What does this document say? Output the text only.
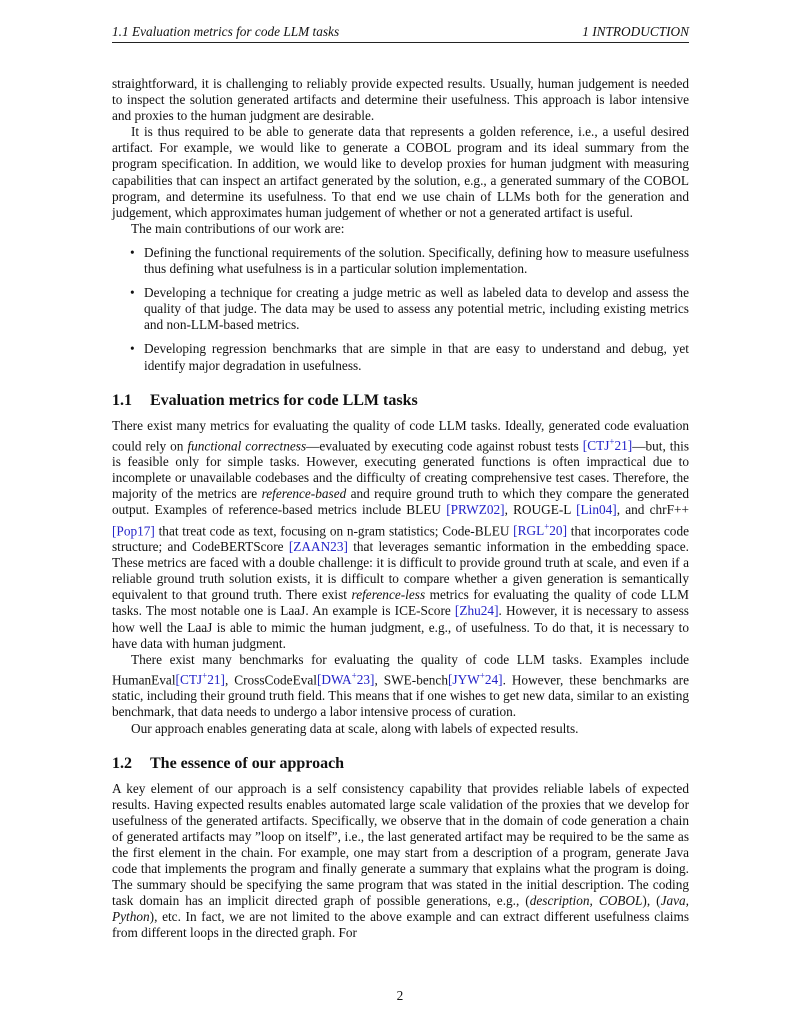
1.1 Evaluation metrics for code LLM tasks	1 INTRODUCTION

straightforward, it is challenging to reliably provide expected results. Usually, human judgement is needed to inspect the solution generated artifacts and determine their usefulness. This approach is labor intensive and proxies to the human judgment are desirable.

It is thus required to be able to generate data that represents a golden reference, i.e., a useful desired artifact. For example, we would like to generate a COBOL program and its ideal summary from the program specification. In addition, we would like to develop proxies for human judgment with measuring capabilities that can inspect an artifact generated by the solution, e.g., a generated summary of the COBOL program, and determine its usefulness. To that end we use chain of LLMs both for the generation and judgement, which approximates human judgement of whether or not a generated artifact is useful.

The main contributions of our work are:

• Defining the functional requirements of the solution. Specifically, defining how to measure usefulness thus defining what usefulness is in a particular solution implementation.
• Developing a technique for creating a judge metric as well as labeled data to develop and assess the quality of that judge. The data may be used to assess any potential metric, including existing metrics and non-LLM-based metrics.
• Developing regression benchmarks that are simple in that are easy to understand and debug, yet identify major degradation in usefulness.
1.1 Evaluation metrics for code LLM tasks

There exist many metrics for evaluating the quality of code LLM tasks. Ideally, generated code evaluation could rely on functional correctness—evaluated by executing code against robust tests [CTJ+21]—but, this is feasible only for simple tasks. However, executing generated functions is often impractical due to incomplete or unavailable codebases and the difficulty of creating comprehensive test cases. Therefore, the majority of the metrics are reference-based and require ground truth to which they compare the generated output. Examples of reference-based metrics include BLEU [PRWZ02], ROUGE-L [Lin04], and chrF++ [Pop17] that treat code as text, focusing on n-gram statistics; Code-BLEU [RGL+20] that incorporates code structure; and CodeBERTScore [ZAAN23] that leverages semantic information in the embedding space. These metrics are faced with a double challenge: it is difficult to provide ground truth at scale, and even if a reliable ground truth solution exists, it is difficult to compare whether a given generation is semantically equivalent to that ground truth. There exist reference-less metrics for evaluating the quality of code LLM tasks. The most notable one is LaaJ. An example is ICE-Score [Zhu24]. However, it is necessary to assess how well the LaaJ is able to mimic the human judgment, e.g., of usefulness. To do that, it is necessary to have data with human judgment.

There exist many benchmarks for evaluating the quality of code LLM tasks. Examples include HumanEval[CTJ+21], CrossCodeEval[DWA+23], SWE-bench[JYW+24]. However, these benchmarks are static, including their ground truth field. This means that if one wishes to get new data, similar to an existing benchmark, that data needs to undergo a labor intensive process of curation.

Our approach enables generating data at scale, along with labels of expected results.

1.2 The essence of our approach

A key element of our approach is a self consistency capability that provides reliable labels of expected results. Having expected results enables automated large scale validation of the proxies that we develop for usefulness of the generated artifacts. Specifically, we observe that in the domain of code generation a chain of generated artifacts may ”loop on itself”, i.e., the last generated artifact may be required to be the same as the first element in the chain. For example, one may start from a description of a program, generate Java code that implements the program and finally generate a summary that explains what the program is doing. The summary should be specifying the same program that was stated in the initial description. The coding task domain has an implicit directed graph of possible generations, e.g., (description, COBOL), (Java, Python), etc. In fact, we are not limited to the above example and can extract different usefulness claims from different loops in the directed graph. For

2
